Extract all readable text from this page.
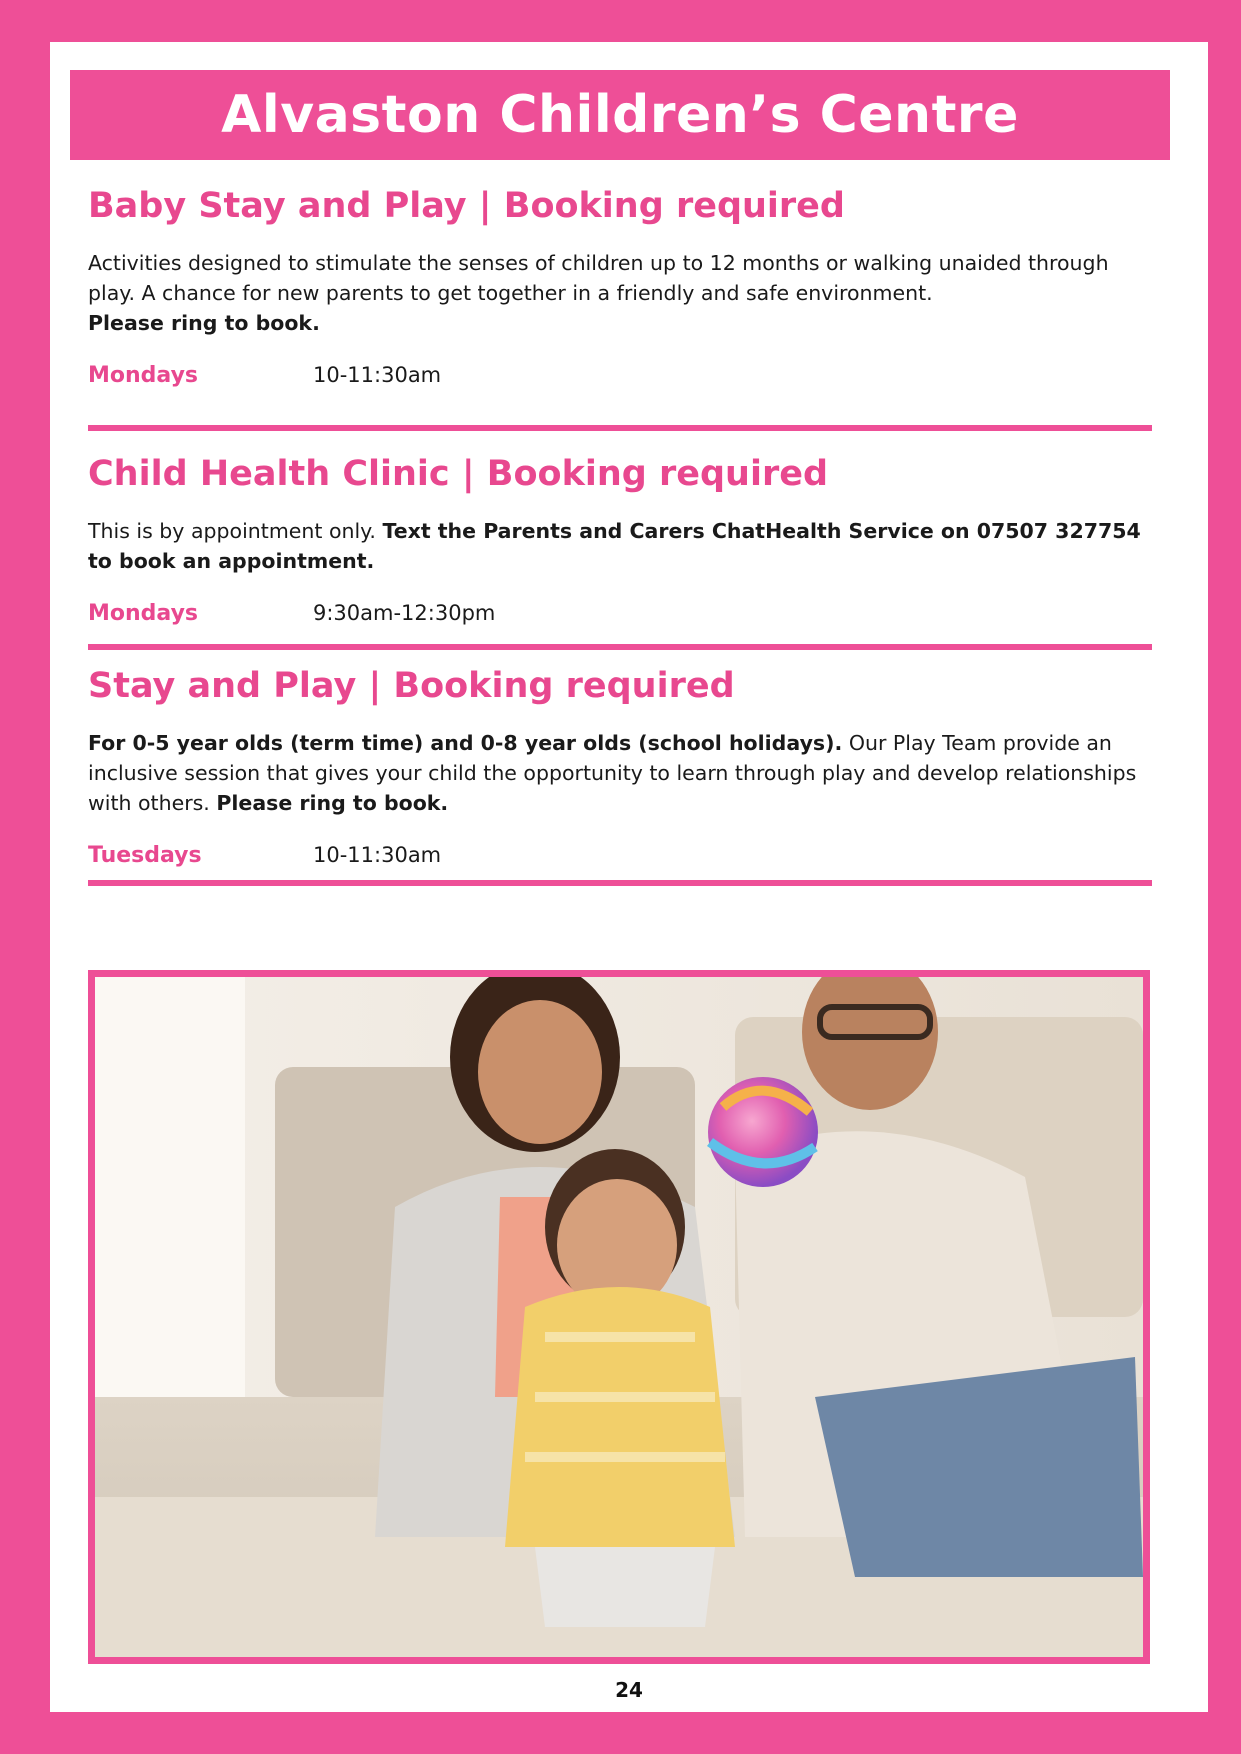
Alvaston Children’s Centre
Baby Stay and Play | Booking required

Activities designed to stimulate the senses of children up to 12 months or walking unaided through play. A chance for new parents to get together in a friendly and safe environment.
Please ring to book.

Mondays	10-11:30am
Child Health Clinic | Booking required

This is by appointment only. Text the Parents and Carers ChatHealth Service on 07507 327754 to book an appointment.

Mondays	9:30am-12:30pm
Stay and Play | Booking required

For 0-5 year olds (term time) and 0-8 year olds (school holidays). Our Play Team provide an inclusive session that gives your child the opportunity to learn through play and develop relationships with others. Please ring to book.

Tuesdays	10-11:30am
24
